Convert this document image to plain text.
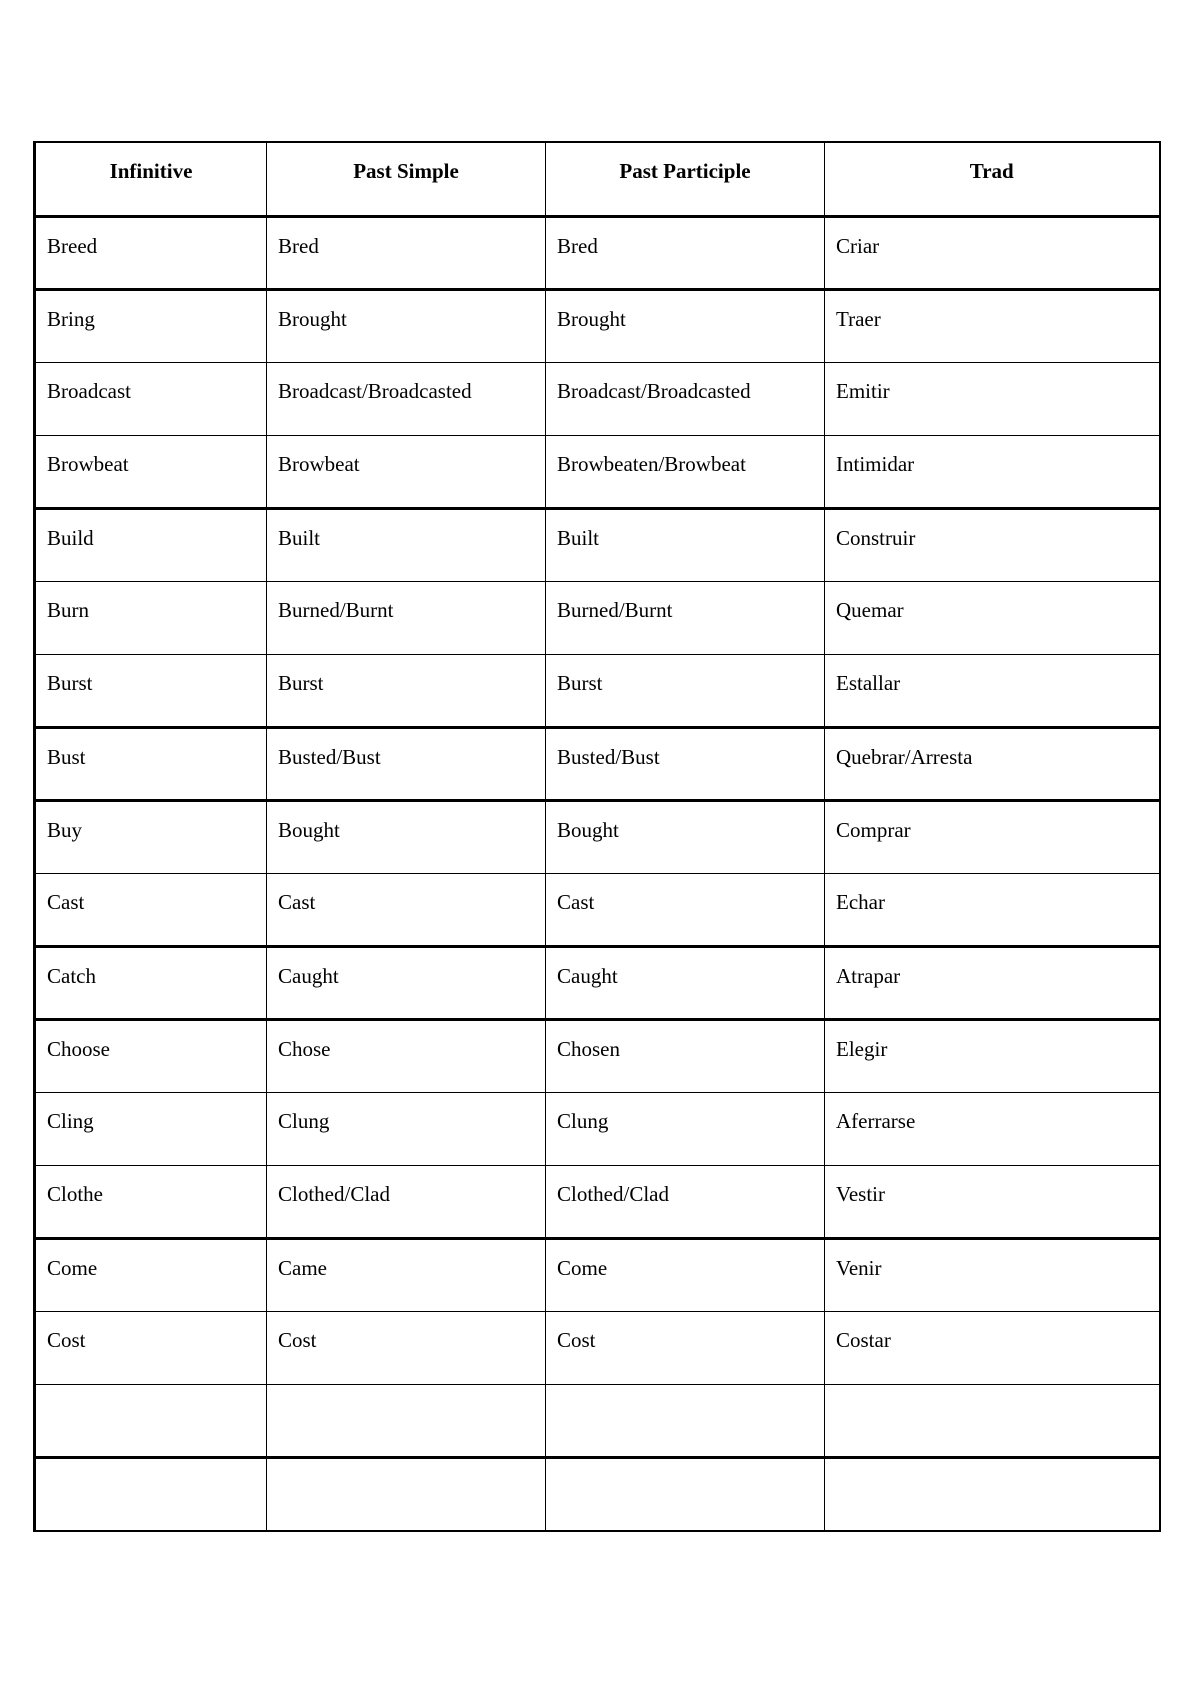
Infinitive	Past Simple	Past Participle	Trad
Breed	Bred	Bred	Criar
Bring	Brought	Brought	Traer
Broadcast	Broadcast/Broadcasted	Broadcast/Broadcasted	Emitir
Browbeat	Browbeat	Browbeaten/Browbeat	Intimidar
Build	Built	Built	Construir
Burn	Burned/Burnt	Burned/Burnt	Quemar
Burst	Burst	Burst	Estallar
Bust	Busted/Bust	Busted/Bust	Quebrar/Arresta
Buy	Bought	Bought	Comprar
Cast	Cast	Cast	Echar
Catch	Caught	Caught	Atrapar
Choose	Chose	Chosen	Elegir
Cling	Clung	Clung	Aferrarse
Clothe	Clothed/Clad	Clothed/Clad	Vestir
Come	Came	Come	Venir
Cost	Cost	Cost	Costar
